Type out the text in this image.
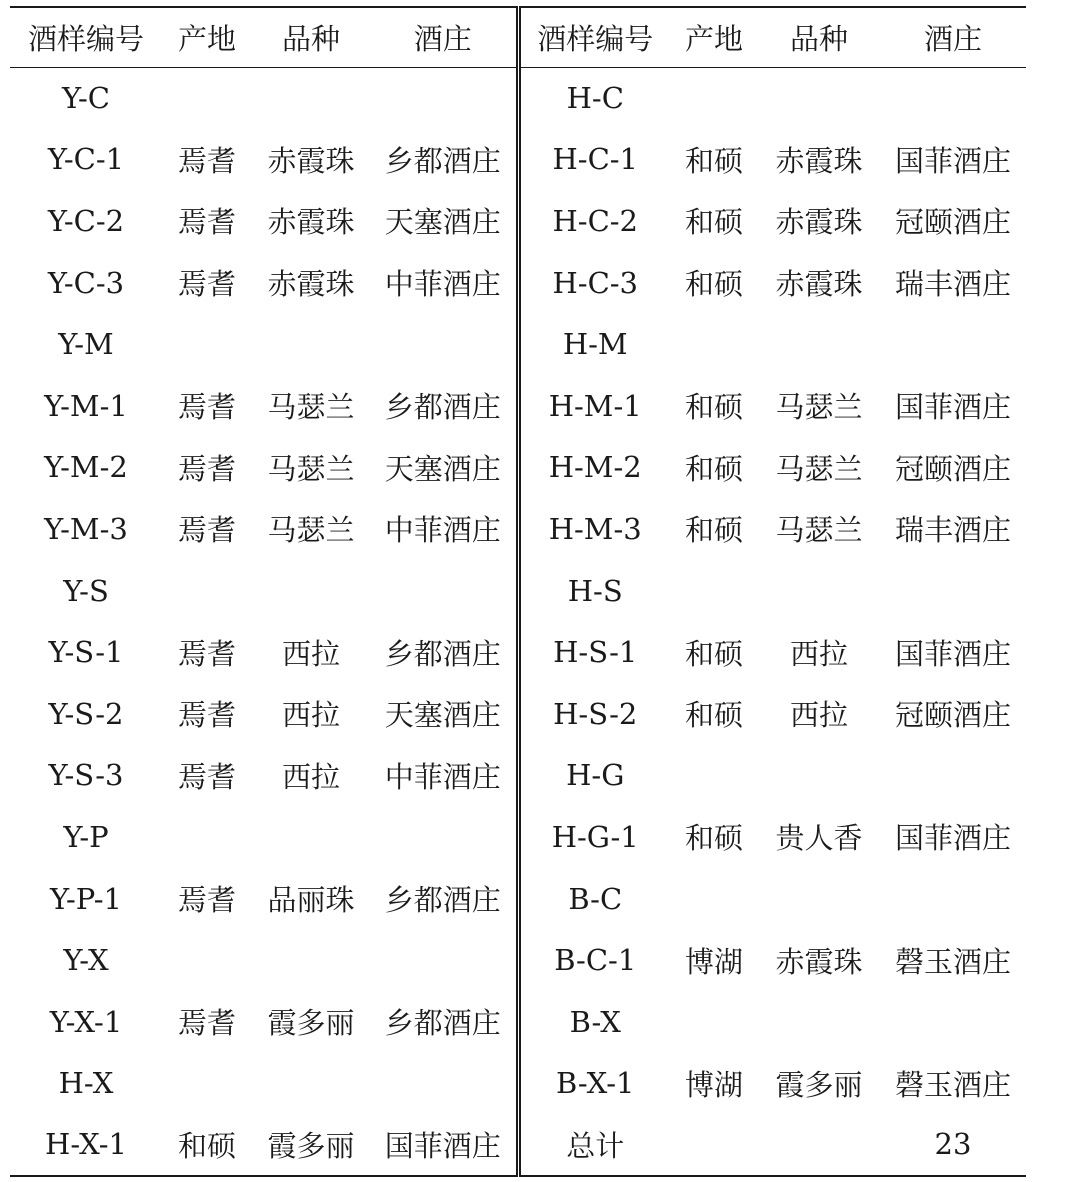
酒样编号	产地	品种	酒庄	酒样编号	产地	品种	酒庄
Y-C				H-C			
Y-C-1	焉耆	赤霞珠	乡都酒庄	H-C-1	和硕	赤霞珠	国菲酒庄
Y-C-2	焉耆	赤霞珠	天塞酒庄	H-C-2	和硕	赤霞珠	冠颐酒庄
Y-C-3	焉耆	赤霞珠	中菲酒庄	H-C-3	和硕	赤霞珠	瑞丰酒庄
Y-M				H-M			
Y-M-1	焉耆	马瑟兰	乡都酒庄	H-M-1	和硕	马瑟兰	国菲酒庄
Y-M-2	焉耆	马瑟兰	天塞酒庄	H-M-2	和硕	马瑟兰	冠颐酒庄
Y-M-3	焉耆	马瑟兰	中菲酒庄	H-M-3	和硕	马瑟兰	瑞丰酒庄
Y-S				H-S			
Y-S-1	焉耆	西拉	乡都酒庄	H-S-1	和硕	西拉	国菲酒庄
Y-S-2	焉耆	西拉	天塞酒庄	H-S-2	和硕	西拉	冠颐酒庄
Y-S-3	焉耆	西拉	中菲酒庄	H-G			
Y-P				H-G-1	和硕	贵人香	国菲酒庄
Y-P-1	焉耆	品丽珠	乡都酒庄	B-C			
Y-X				B-C-1	博湖	赤霞珠	磬玉酒庄
Y-X-1	焉耆	霞多丽	乡都酒庄	B-X			
H-X				B-X-1	博湖	霞多丽	磬玉酒庄
H-X-1	和硕	霞多丽	国菲酒庄	总计			23
